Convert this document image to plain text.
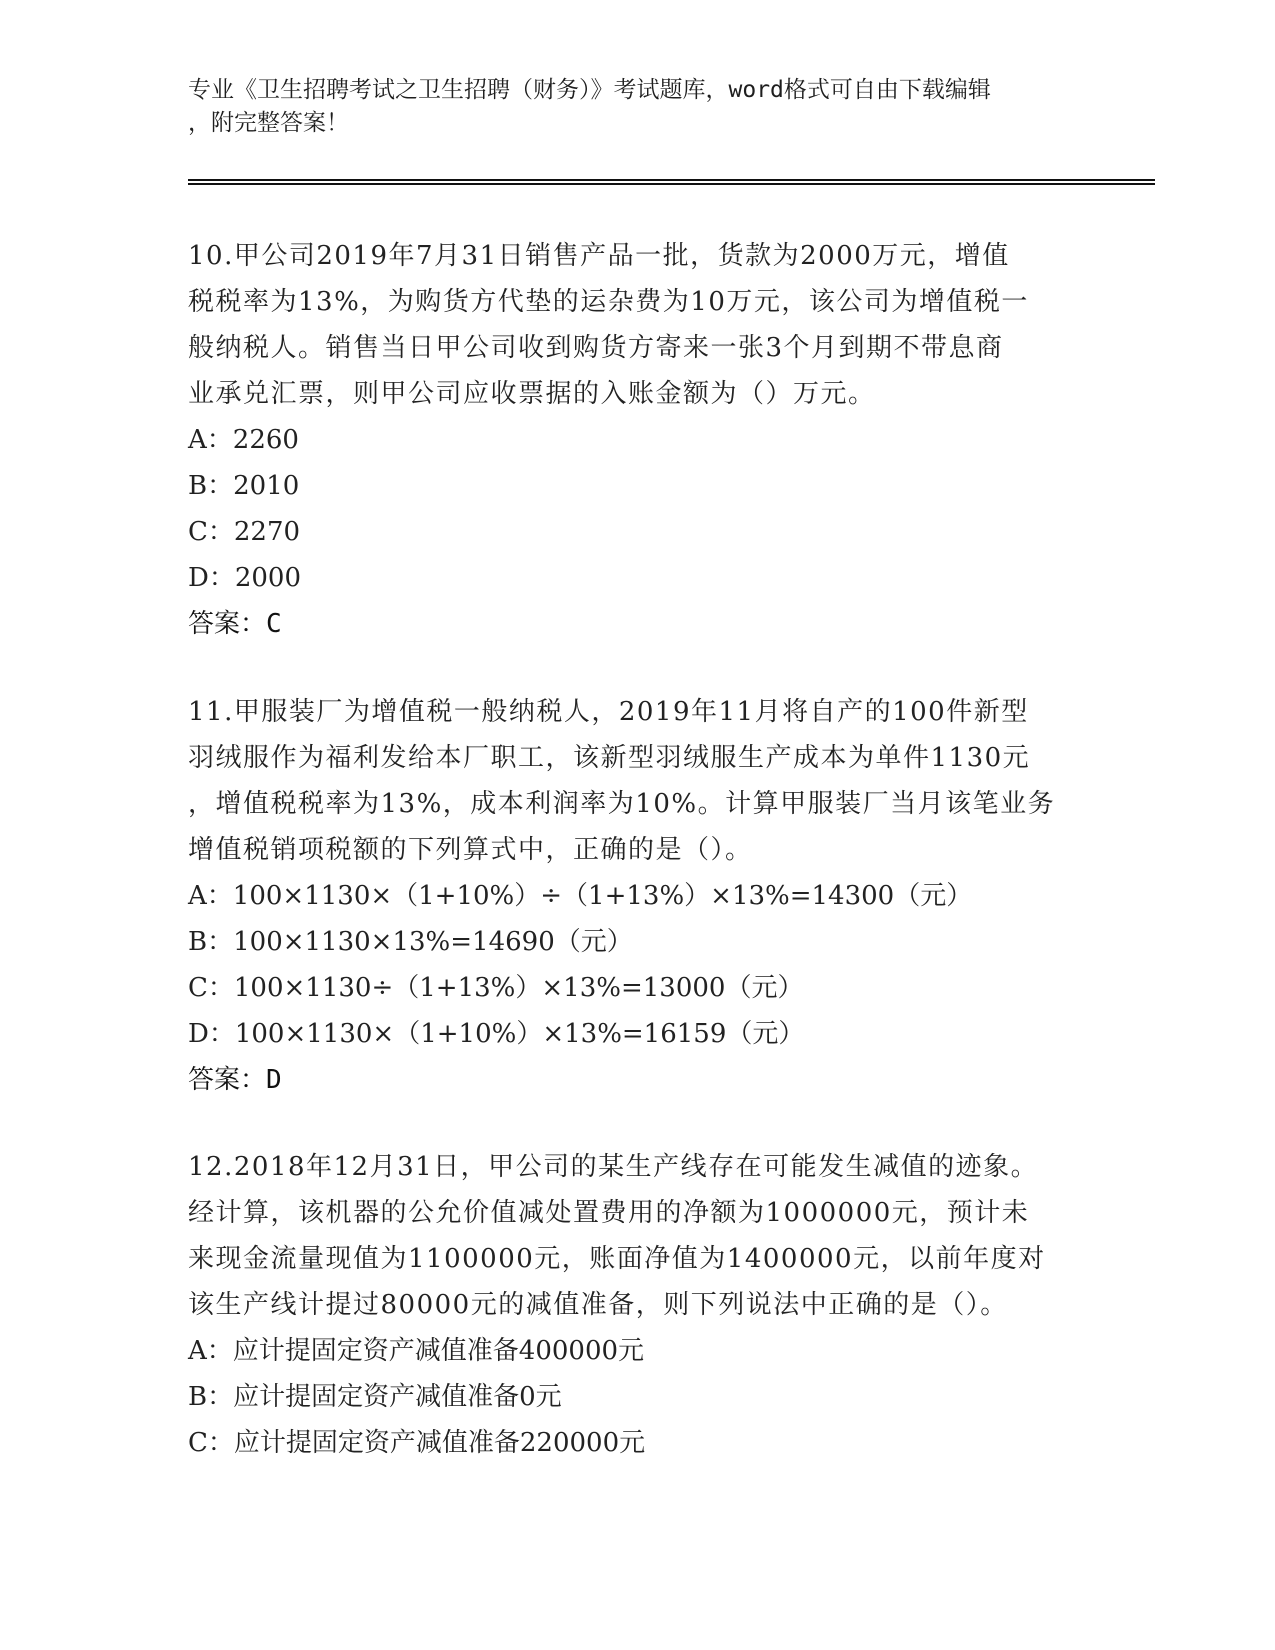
专业《卫生招聘考试之卫生招聘（财务）》考试题库，word格式可自由下载编辑
，附完整答案！
10.甲公司2019年7月31日销售产品一批，货款为2000万元，增值
税税率为13%，为购货方代垫的运杂费为10万元，该公司为增值税一
般纳税人。销售当日甲公司收到购货方寄来一张3个月到期不带息商
业承兑汇票，则甲公司应收票据的入账金额为（）万元。
A：2260
B：2010
C：2270
D：2000
答案：C
11.甲服装厂为增值税一般纳税人，2019年11月将自产的100件新型
羽绒服作为福利发给本厂职工，该新型羽绒服生产成本为单件1130元
，增值税税率为13%，成本利润率为10%。计算甲服装厂当月该笔业务
增值税销项税额的下列算式中，正确的是（）。
A：100×1130×（1+10%）÷（1+13%）×13%=14300（元）
B：100×1130×13%=14690（元）
C：100×1130÷（1+13%）×13%=13000（元）
D：100×1130×（1+10%）×13%=16159（元）
答案：D
12.2018年12月31日，甲公司的某生产线存在可能发生减值的迹象。
经计算，该机器的公允价值减处置费用的净额为1000000元，预计未
来现金流量现值为1100000元，账面净值为1400000元，以前年度对
该生产线计提过80000元的减值准备，则下列说法中正确的是（）。
A：应计提固定资产减值准备400000元
B：应计提固定资产减值准备0元
C：应计提固定资产减值准备220000元
